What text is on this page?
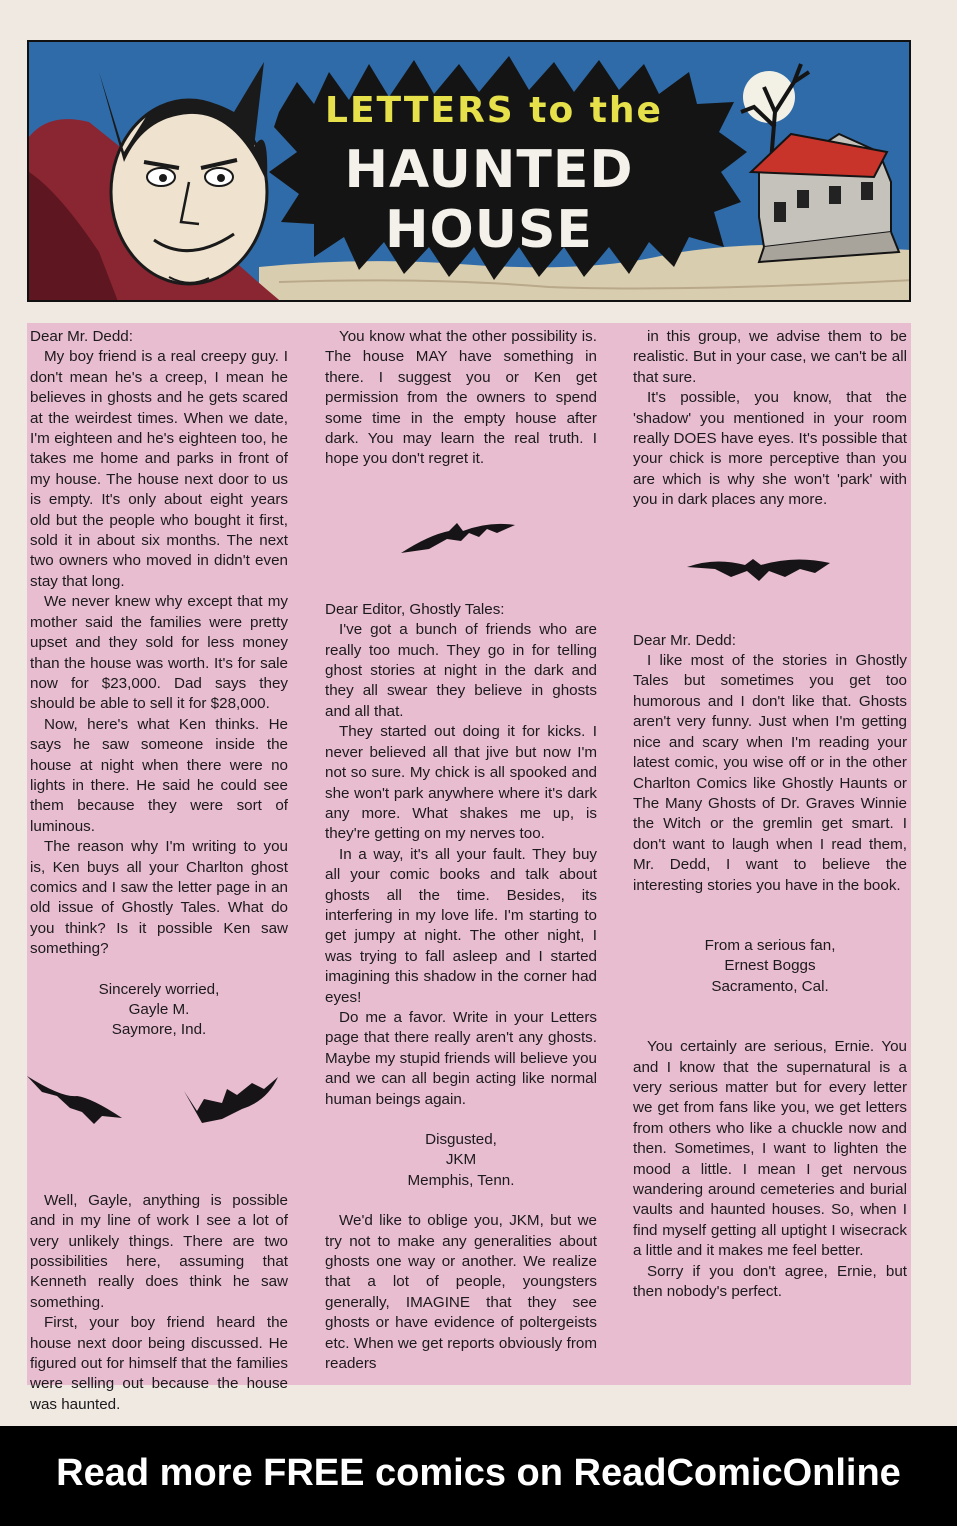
LETTERS to the
HAUNTED HOUSE

Dear Mr. Dedd:

My boy friend is a real creepy guy. I don't mean he's a creep, I mean he believes in ghosts and he gets scared at the weirdest times. When we date, I'm eighteen and he's eighteen too, he takes me home and parks in front of my house. The house next door to us is empty. It's only about eight years old but the people who bought it first, sold it in about six months. The next two owners who moved in didn't even stay that long.

We never knew why except that my mother said the families were pretty upset and they sold for less money than the house was worth. It's for sale now for $23,000. Dad says they should be able to sell it for $28,000.

Now, here's what Ken thinks. He says he saw someone inside the house at night when there were no lights in there. He said he could see them because they were sort of luminous.

The reason why I'm writing to you is, Ken buys all your Charlton ghost comics and I saw the letter page in an old issue of Ghostly Tales. What do you think? Is it possible Ken saw something?

Sincerely worried,

Gayle M.

Saymore, Ind.

Well, Gayle, anything is possible and in my line of work I see a lot of very unlikely things. There are two possibilities here, assuming that Kenneth really does think he saw something.

First, your boy friend heard the house next door being discussed. He figured out for himself that the families were selling out because the house was haunted.

You know what the other possibility is. The house MAY have something in there. I suggest you or Ken get permission from the owners to spend some time in the empty house after dark. You may learn the real truth. I hope you don't regret it.

Dear Editor, Ghostly Tales:

I've got a bunch of friends who are really too much. They go in for telling ghost stories at night in the dark and they all swear they believe in ghosts and all that.

They started out doing it for kicks. I never believed all that jive but now I'm not so sure. My chick is all spooked and she won't park anywhere where it's dark any more. What shakes me up, is they're getting on my nerves too.

In a way, it's all your fault. They buy all your comic books and talk about ghosts all the time. Besides, its interfering in my love life. I'm starting to get jumpy at night. The other night, I was trying to fall asleep and I started imagining this shadow in the corner had eyes!

Do me a favor. Write in your Letters page that there really aren't any ghosts. Maybe my stupid friends will believe you and we can all begin acting like normal human beings again.

Disgusted,

JKM

Memphis, Tenn.

We'd like to oblige you, JKM, but we try not to make any generalities about ghosts one way or another. We realize that a lot of people, youngsters generally, IMAGINE that they see ghosts or have evidence of poltergeists etc. When we get reports obviously from readers

in this group, we advise them to be realistic. But in your case, we can't be all that sure.

It's possible, you know, that the 'shadow' you mentioned in your room really DOES have eyes. It's possible that your chick is more perceptive than you are which is why she won't 'park' with you in dark places any more.

Dear Mr. Dedd:

I like most of the stories in Ghostly Tales but sometimes you get too humorous and I don't like that. Ghosts aren't very funny. Just when I'm getting nice and scary when I'm reading your latest comic, you wise off or in the other Charlton Comics like Ghostly Haunts or The Many Ghosts of Dr. Graves Winnie the Witch or the gremlin get smart. I don't want to laugh when I read them, Mr. Dedd, I want to believe the interesting stories you have in the book.

From a serious fan,

Ernest Boggs

Sacramento, Cal.

You certainly are serious, Ernie. You and I know that the supernatural is a very serious matter but for every letter we get from fans like you, we get letters from others who like a chuckle now and then. Sometimes, I want to lighten the mood a little. I mean I get nervous wandering around cemeteries and burial vaults and haunted houses. So, when I find myself getting all uptight I wisecrack a little and it makes me feel better.

Sorry if you don't agree, Ernie, but then nobody's perfect.

Read more FREE comics on ReadComicOnline
